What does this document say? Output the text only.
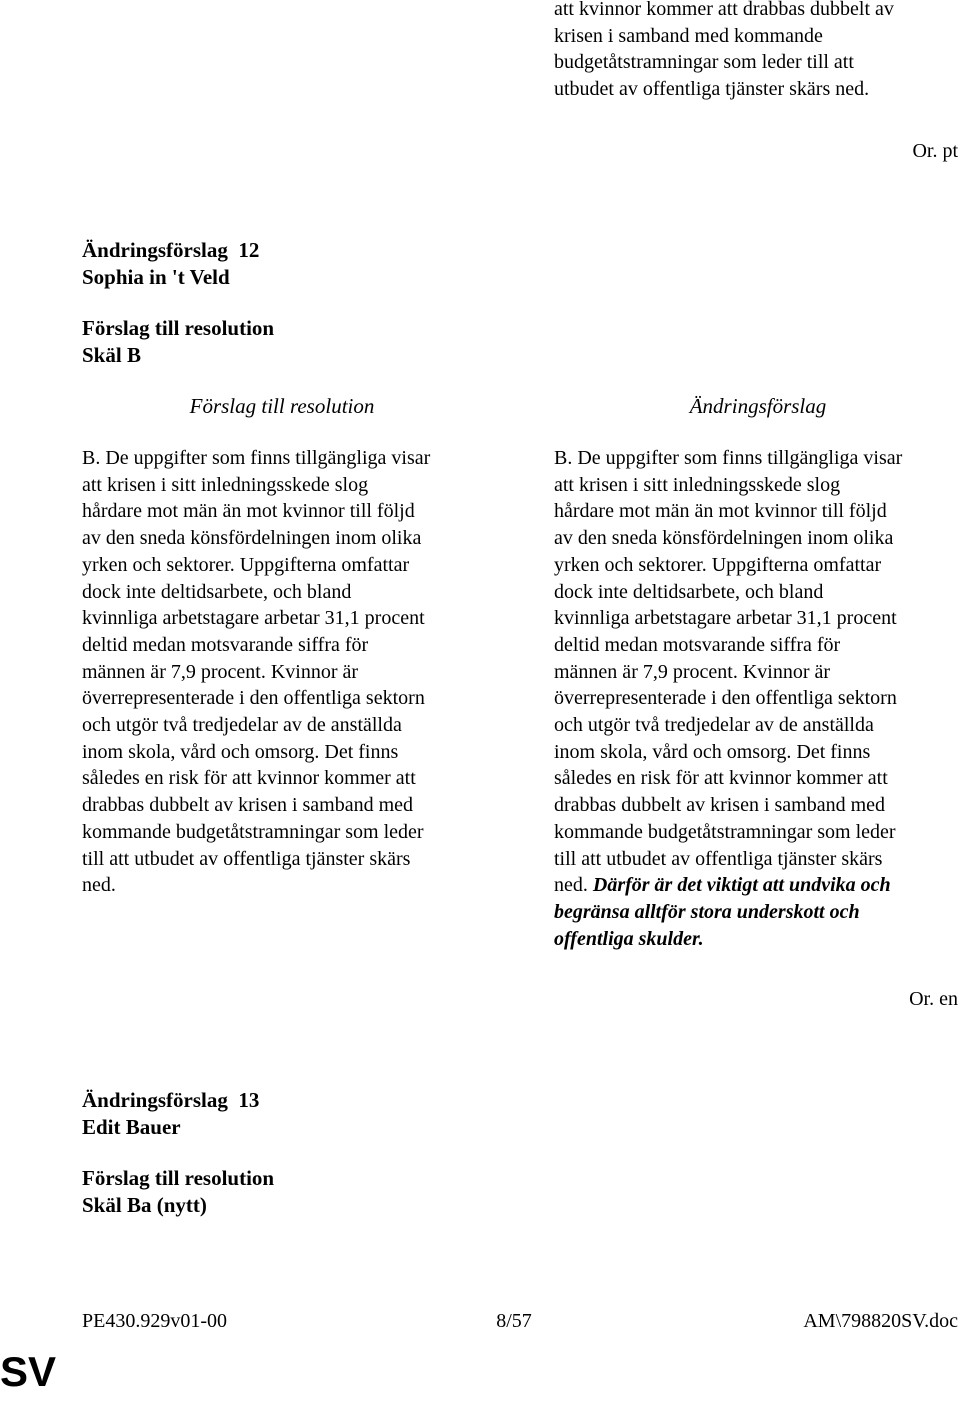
att kvinnor kommer att drabbas dubbelt av
krisen i samband med kommande
budgetåtstramningar som leder till att
utbudet av offentliga tjänster skärs ned.
Or. pt
Ändringsförslag  12
Sophia in 't Veld
Förslag till resolution
Skäl B
Förslag till resolution	Ändringsförslag
B. De uppgifter som finns tillgängliga visar
att krisen i sitt inledningsskede slog
hårdare mot män än mot kvinnor till följd
av den sneda könsfördelningen inom olika
yrken och sektorer. Uppgifterna omfattar
dock inte deltidsarbete, och bland
kvinnliga arbetstagare arbetar 31,1 procent
deltid medan motsvarande siffra för
männen är 7,9 procent. Kvinnor är
överrepresenterade i den offentliga sektorn
och utgör två tredjedelar av de anställda
inom skola, vård och omsorg. Det finns
således en risk för att kvinnor kommer att
drabbas dubbelt av krisen i samband med
kommande budgetåtstramningar som leder
till att utbudet av offentliga tjänster skärs
ned.
B. De uppgifter som finns tillgängliga visar
att krisen i sitt inledningsskede slog
hårdare mot män än mot kvinnor till följd
av den sneda könsfördelningen inom olika
yrken och sektorer. Uppgifterna omfattar
dock inte deltidsarbete, och bland
kvinnliga arbetstagare arbetar 31,1 procent
deltid medan motsvarande siffra för
männen är 7,9 procent. Kvinnor är
överrepresenterade i den offentliga sektorn
och utgör två tredjedelar av de anställda
inom skola, vård och omsorg. Det finns
således en risk för att kvinnor kommer att
drabbas dubbelt av krisen i samband med
kommande budgetåtstramningar som leder
till att utbudet av offentliga tjänster skärs
ned. Därför är det viktigt att undvika och
begränsa alltför stora underskott och
offentliga skulder.
Or. en
Ändringsförslag  13
Edit Bauer
Förslag till resolution
Skäl Ba (nytt)
PE430.929v01-00	8/57	AM\798820SV.doc
SV
